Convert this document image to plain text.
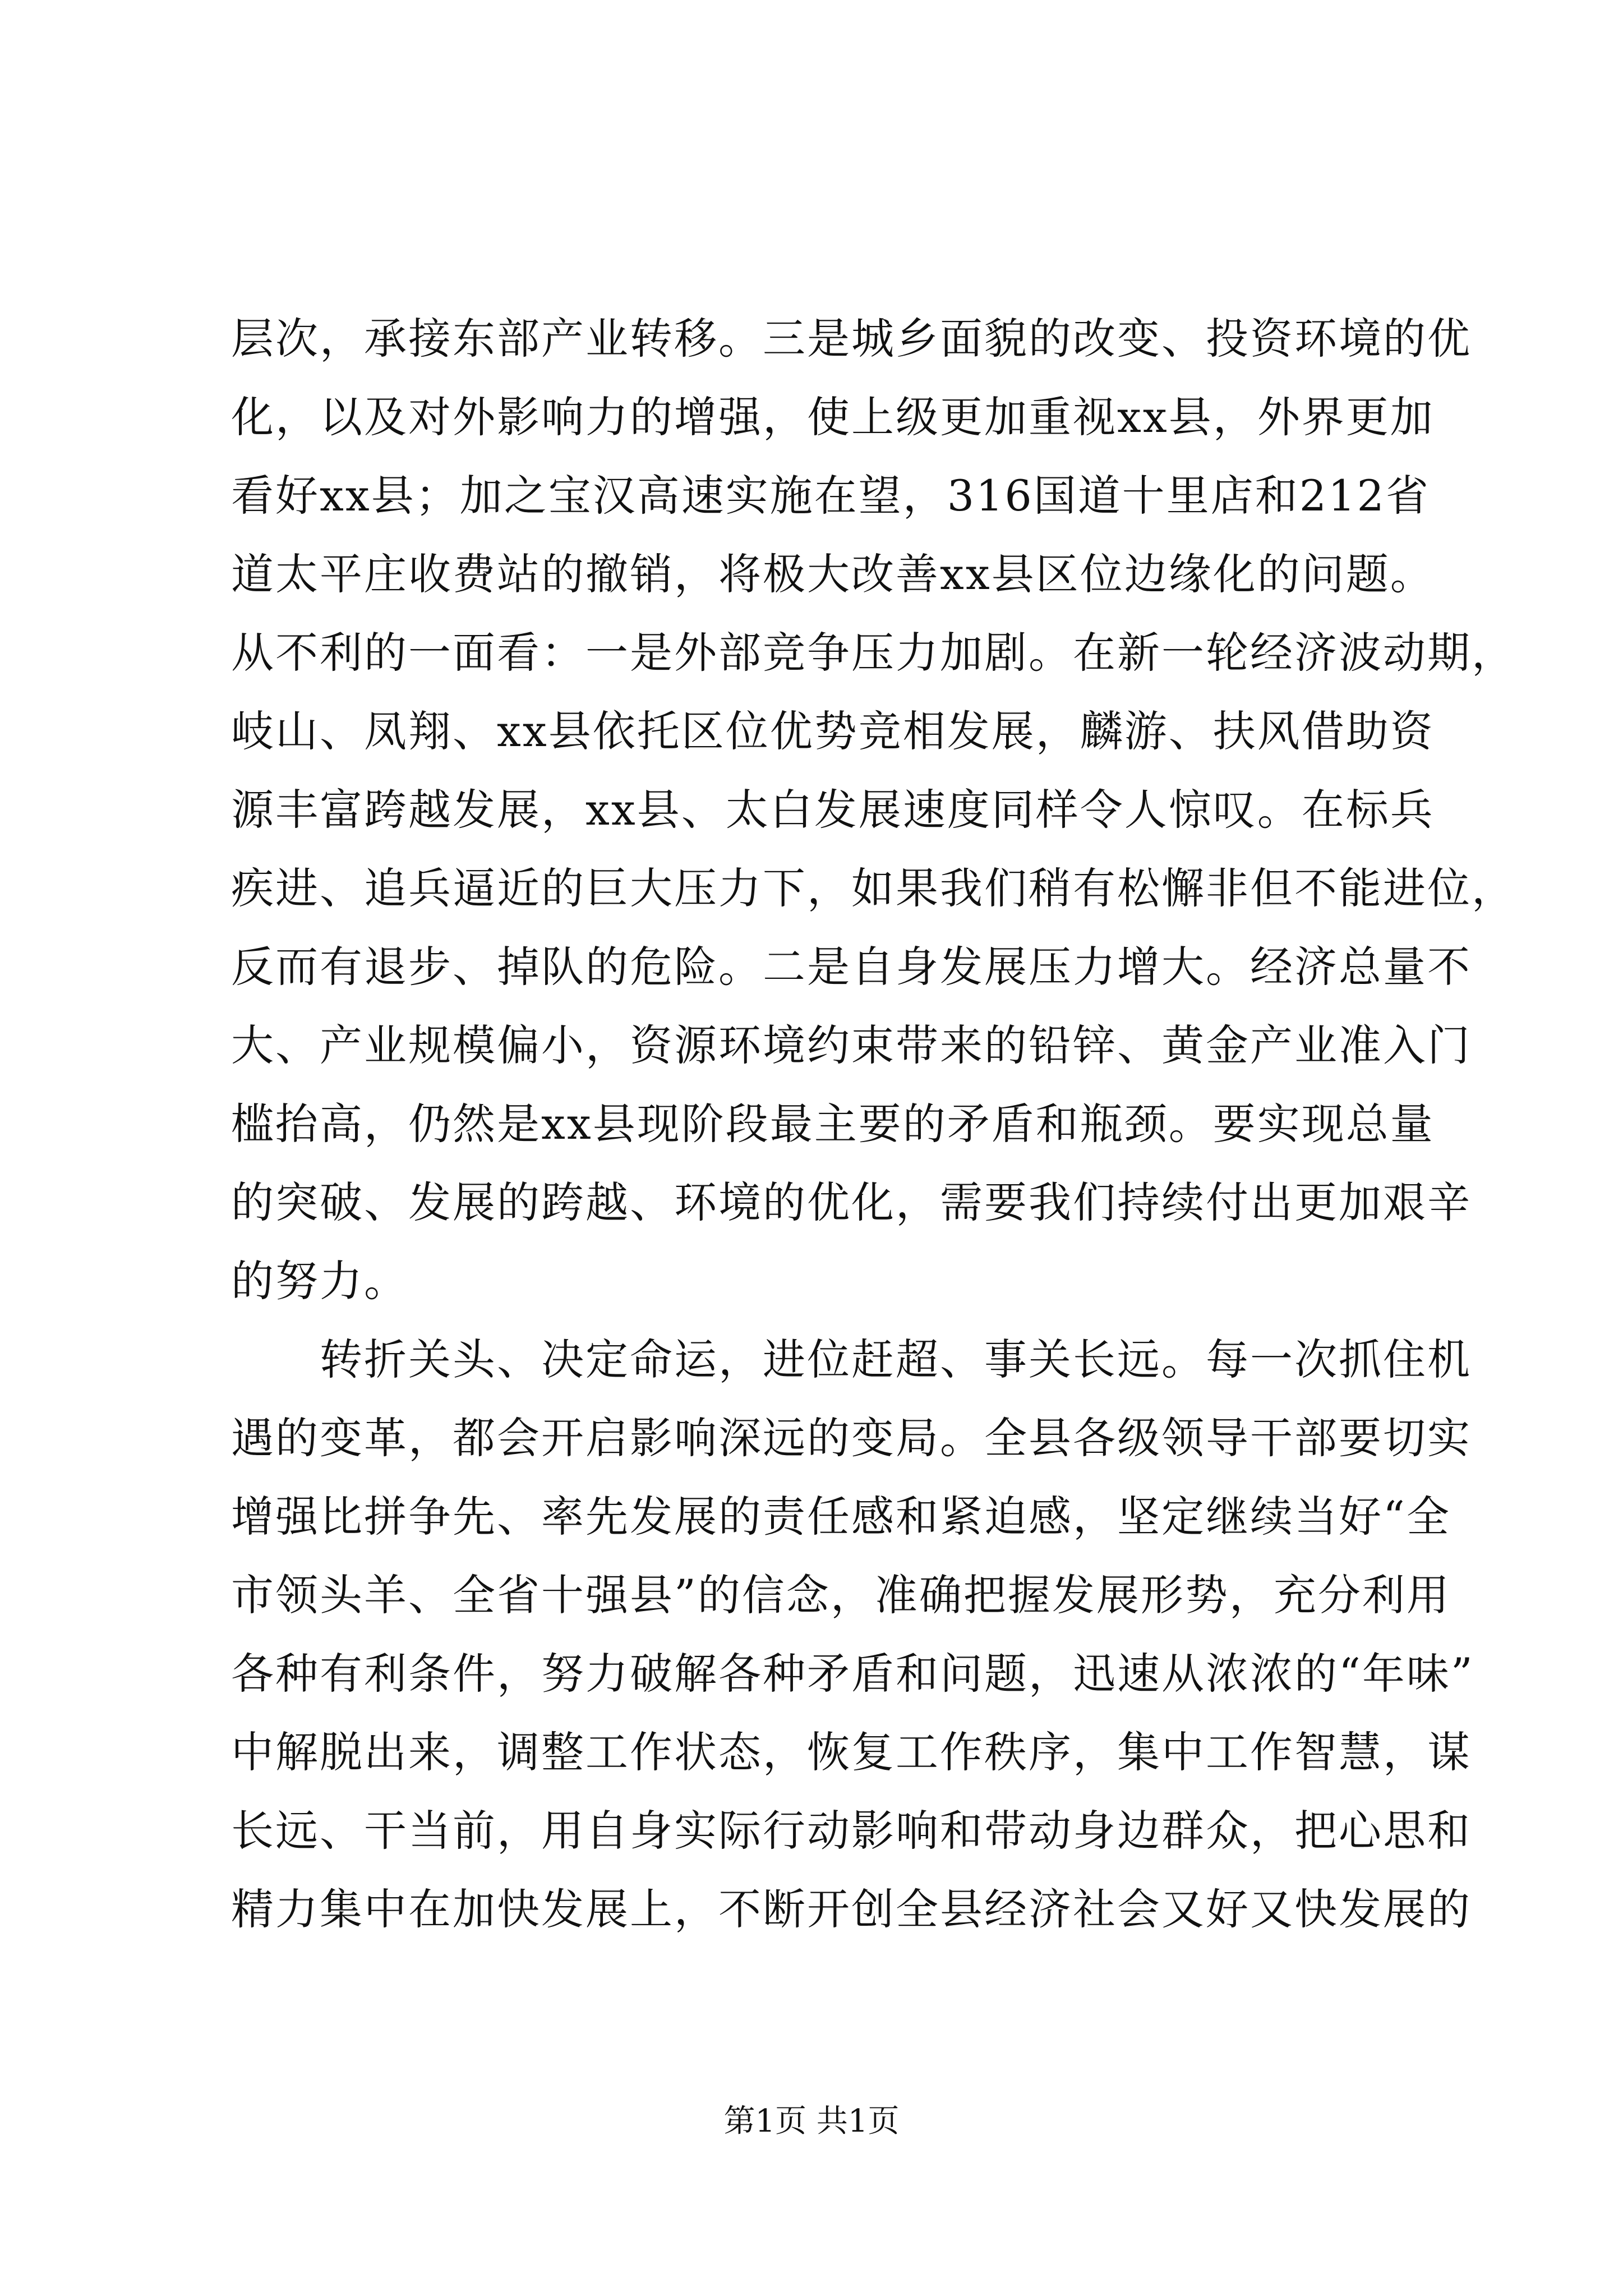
层次，承接东部产业转移。三是城乡面貌的改变、投资环境的优
化，以及对外影响力的增强，使上级更加重视xx县，外界更加
看好xx县；加之宝汉高速实施在望，316国道十里店和212省
道太平庄收费站的撤销，将极大改善xx县区位边缘化的问题。
从不利的一面看：一是外部竞争压力加剧。在新一轮经济波动期，
岐山、凤翔、xx县依托区位优势竞相发展，麟游、扶风借助资
源丰富跨越发展，xx县、太白发展速度同样令人惊叹。在标兵
疾进、追兵逼近的巨大压力下，如果我们稍有松懈非但不能进位，
反而有退步、掉队的危险。二是自身发展压力增大。经济总量不
大、产业规模偏小，资源环境约束带来的铅锌、黄金产业准入门
槛抬高，仍然是xx县现阶段最主要的矛盾和瓶颈。要实现总量
的突破、发展的跨越、环境的优化，需要我们持续付出更加艰辛
的努力。
　　转折关头、决定命运，进位赶超、事关长远。每一次抓住机
遇的变革，都会开启影响深远的变局。全县各级领导干部要切实
增强比拼争先、率先发展的责任感和紧迫感，坚定继续当好“全
市领头羊、全省十强县”的信念，准确把握发展形势，充分利用
各种有利条件，努力破解各种矛盾和问题，迅速从浓浓的“年味”
中解脱出来，调整工作状态，恢复工作秩序，集中工作智慧，谋
长远、干当前，用自身实际行动影响和带动身边群众，把心思和
精力集中在加快发展上，不断开创全县经济社会又好又快发展的
第1页 共1页
